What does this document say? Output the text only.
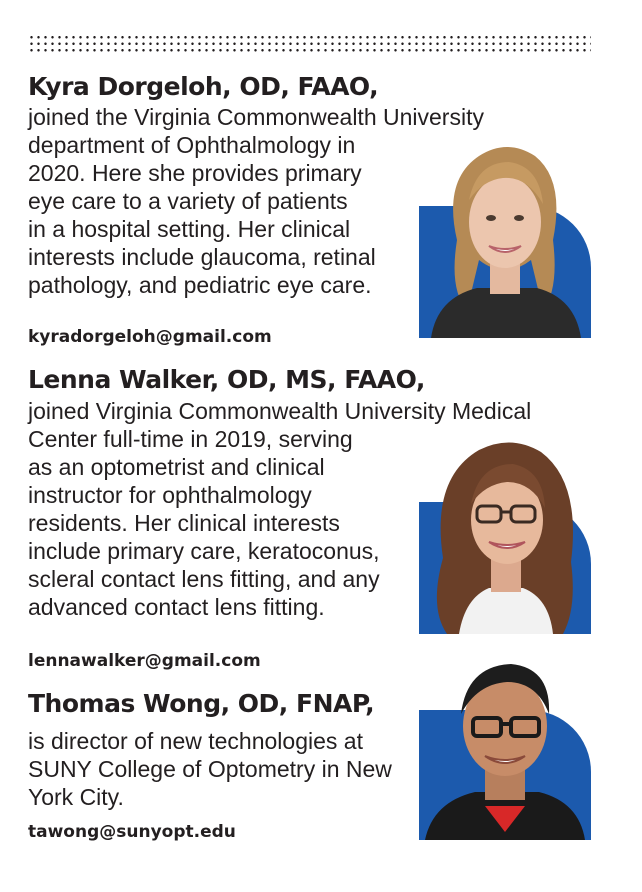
Kyra Dorgeloh, OD, FAAO,
joined the Virginia Commonwealth University
department of Ophthalmology in
2020. Here she provides primary
eye care to a variety of patients
in a hospital setting. Her clinical
interests include glaucoma, retinal
pathology, and pediatric eye care.
kyradorgeloh@gmail.com
Lenna Walker, OD, MS, FAAO,
joined Virginia Commonwealth University Medical
Center full-time in 2019, serving
as an optometrist and clinical
instructor for ophthalmology
residents. Her clinical interests
include primary care, keratoconus,
scleral contact lens fitting, and any
advanced contact lens fitting.
lennawalker@gmail.com
Thomas Wong, OD, FNAP,
is director of new technologies at
SUNY College of Optometry in New
York City.
tawong@sunyopt.edu
